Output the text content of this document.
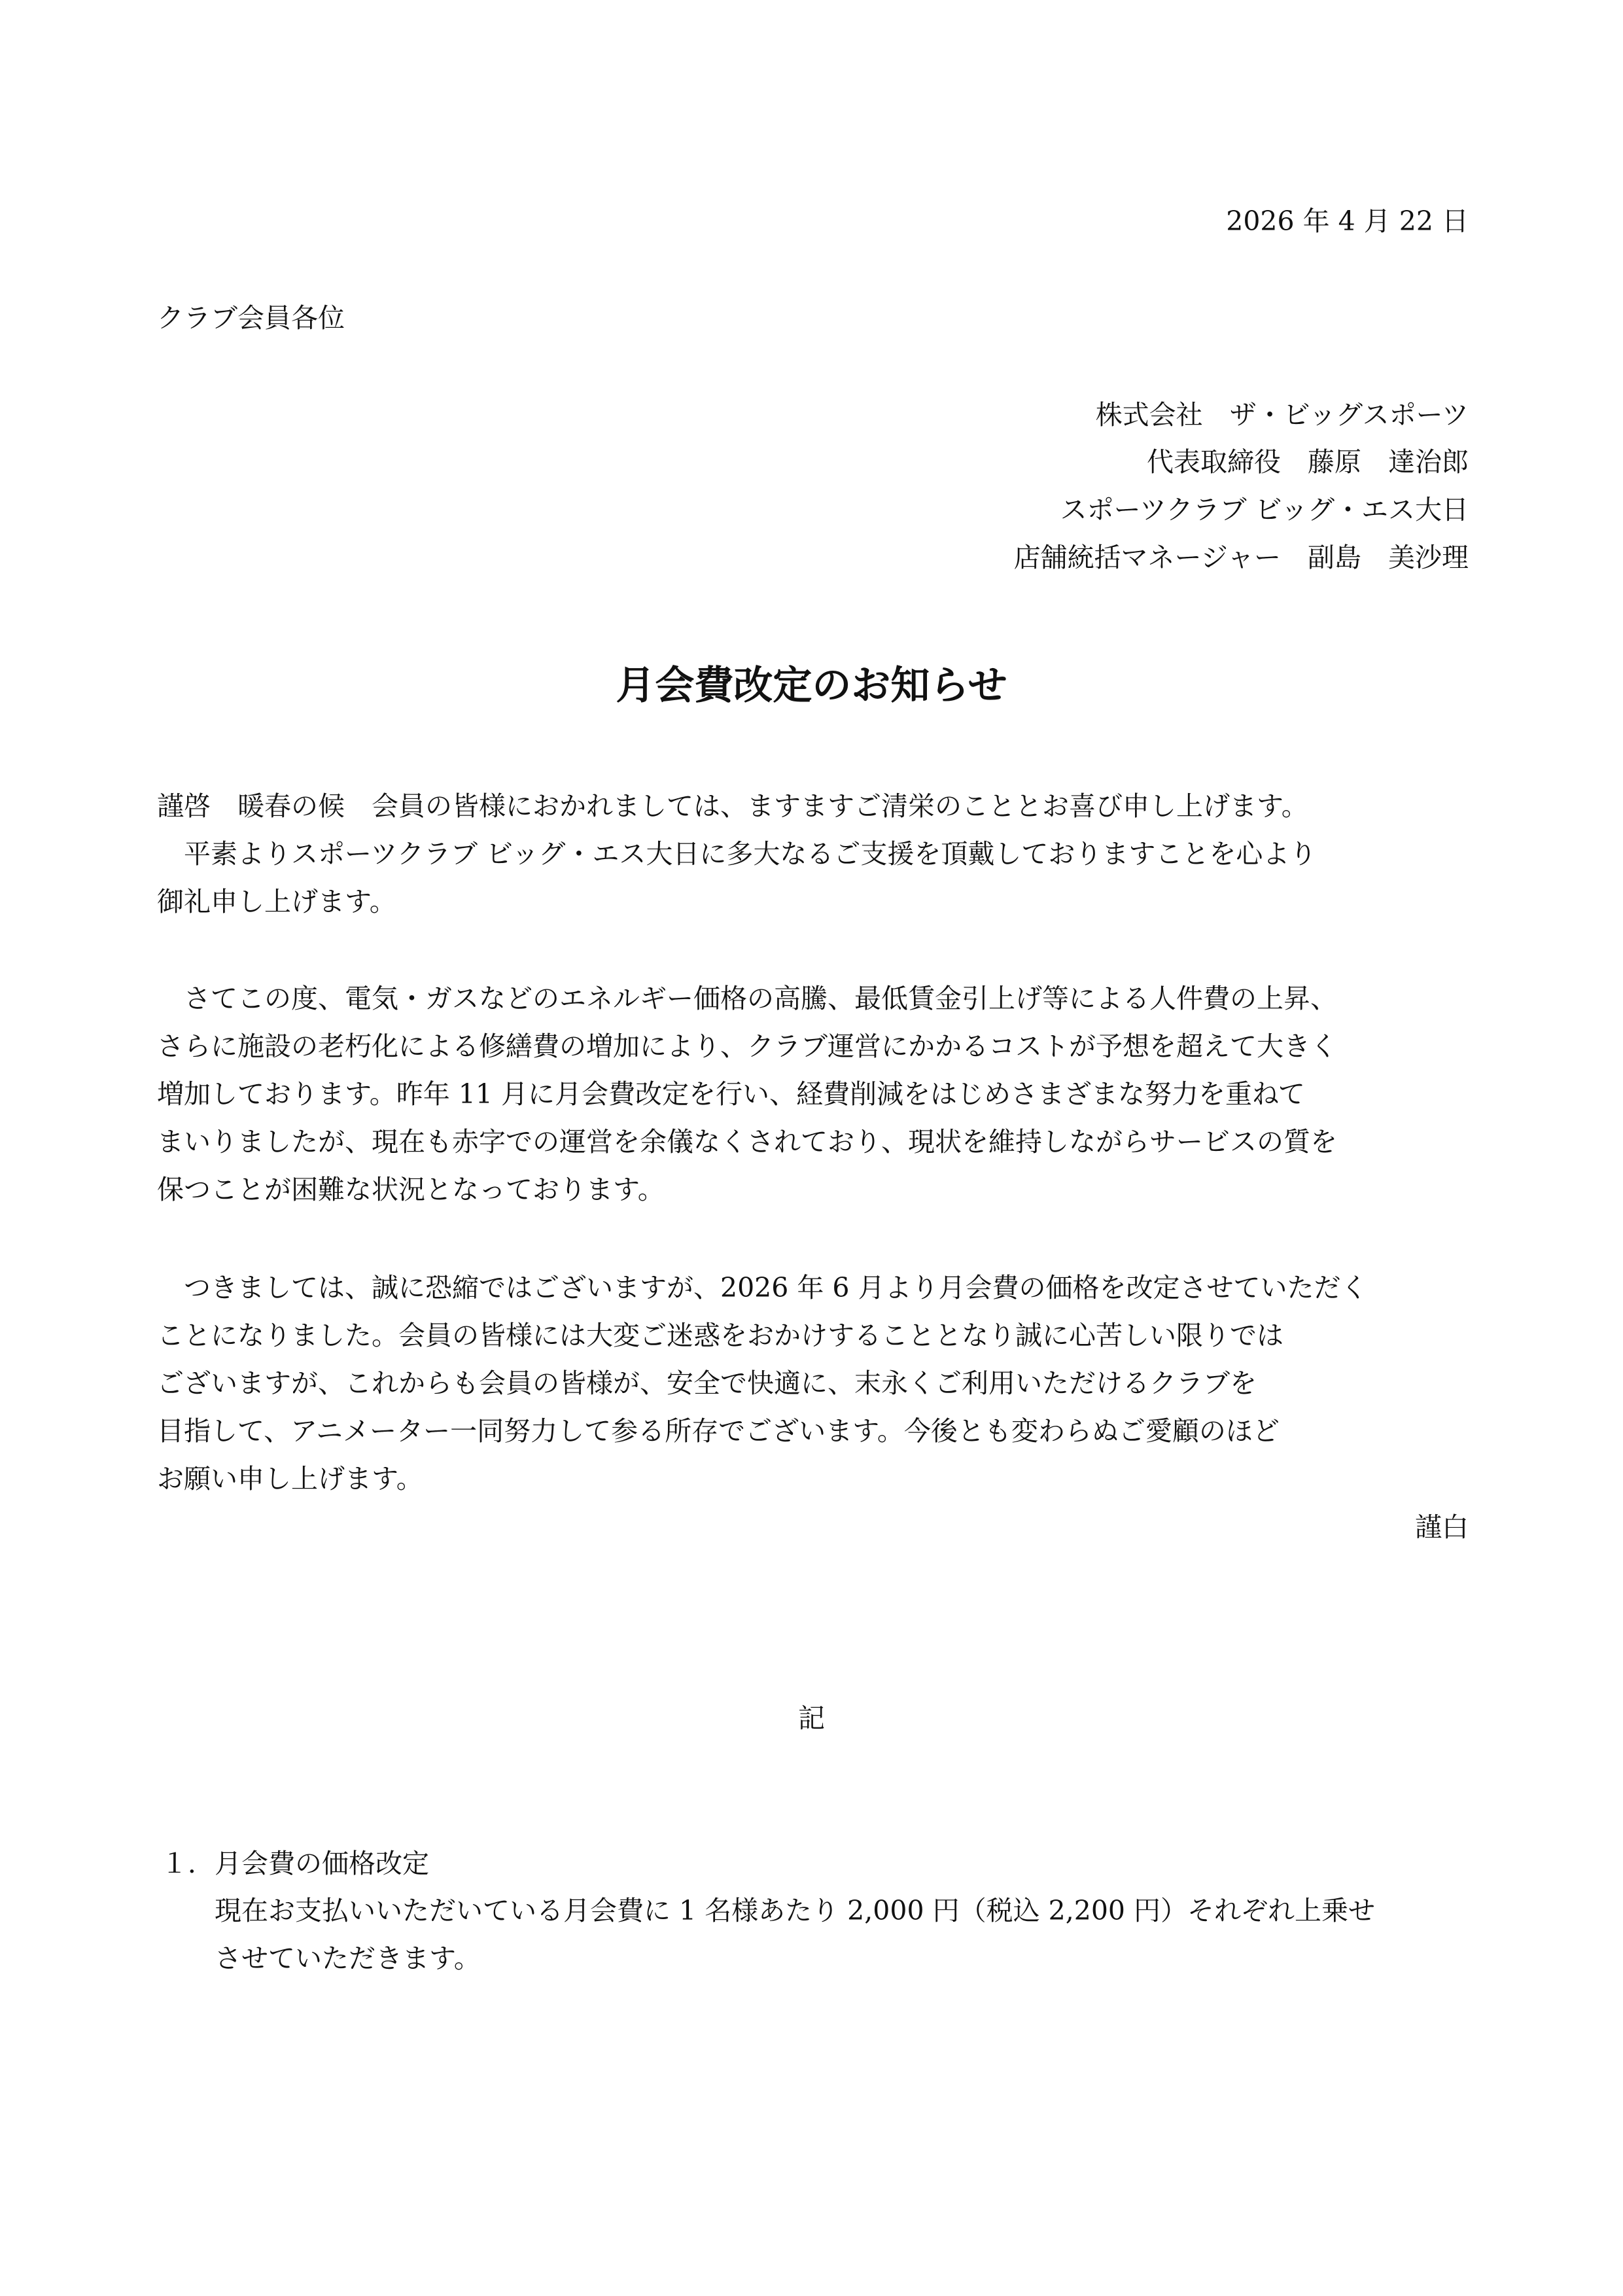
2026 年 4 月 22 日
クラブ会員各位
株式会社　ザ・ビッグスポーツ
代表取締役　藤原　達治郎
スポーツクラブ ビッグ・エス大日
店舗統括マネージャー　副島　美沙理
月会費改定のお知らせ
謹啓　暖春の候　会員の皆様におかれましては、ますますご清栄のこととお喜び申し上げます。
　平素よりスポーツクラブ ビッグ・エス大日に多大なるご支援を頂戴しておりますことを心より
御礼申し上げます。
　さてこの度、電気・ガスなどのエネルギー価格の高騰、最低賃金引上げ等による人件費の上昇、
さらに施設の老朽化による修繕費の増加により、クラブ運営にかかるコストが予想を超えて大きく
増加しております。昨年 11 月に月会費改定を行い、経費削減をはじめさまざまな努力を重ねて
まいりましたが、現在も赤字での運営を余儀なくされており、現状を維持しながらサービスの質を
保つことが困難な状況となっております。
　つきましては、誠に恐縮ではございますが、2026 年 6 月より月会費の価格を改定させていただく
ことになりました。会員の皆様には大変ご迷惑をおかけすることとなり誠に心苦しい限りでは
ございますが、これからも会員の皆様が、安全で快適に、末永くご利用いただけるクラブを
目指して、アニメーター一同努力して参る所存でございます。今後とも変わらぬご愛顧のほど
お願い申し上げます。
謹白
記
１．月会費の価格改定
現在お支払いいただいている月会費に 1 名様あたり 2,000 円（税込 2,200 円）それぞれ上乗せ
させていただきます。
